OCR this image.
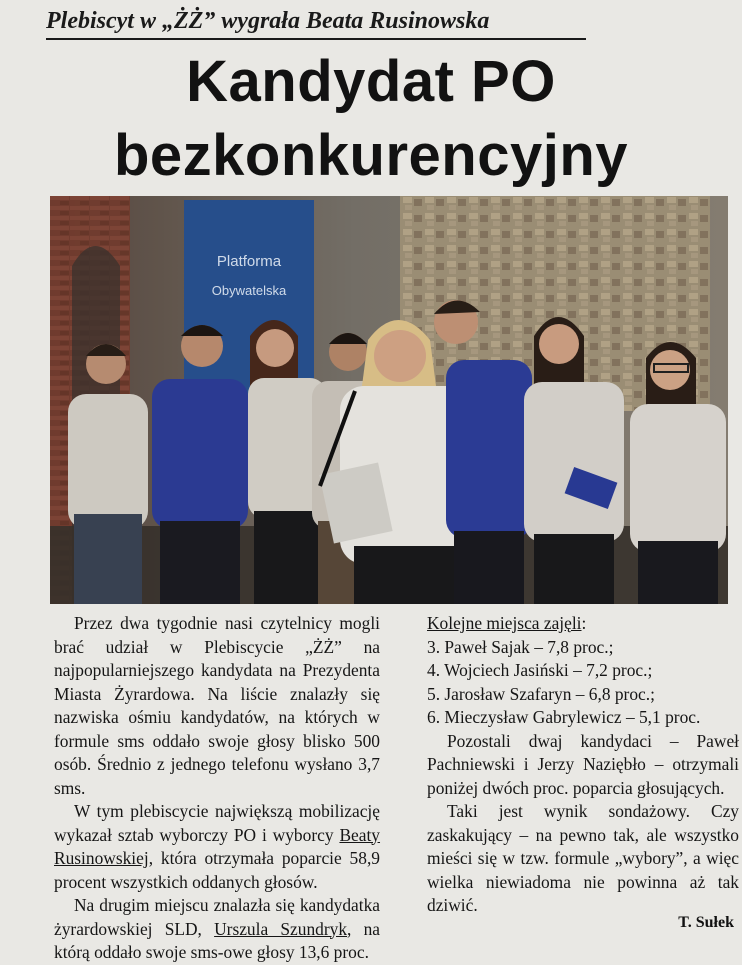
Plebiscyt w „ŻŻ” wygrała Beata Rusinowska
Kandydat PO
bezkonkurencyjny
Platforma
Obywatelska

Przez dwa tygodnie nasi czytelnicy mogli brać udział w Plebiscycie „ŻŻ” na najpopularniejszego kandydata na Prezydenta Miasta Żyrardowa. Na liście znalazły się nazwiska ośmiu kandydatów, na których w formule sms oddało swoje głosy blisko 500 osób. Średnio z jednego telefonu wysłano 3,7 sms.

W tym plebiscycie największą mobilizację wykazał sztab wyborczy PO i wyborcy Beaty Rusinowskiej, która otrzymała poparcie 58,9 procent wszystkich oddanych głosów.

Na drugim miejscu znalazła się kandydatka żyrardowskiej SLD, Urszula Szundryk, na którą oddało swoje sms-owe głosy 13,6 proc.

Kolejne miejsca zajęli:
3. Paweł Sajak – 7,8 proc.;
4. Wojciech Jasiński – 7,2 proc.;
5. Jarosław Szafaryn – 6,8 proc.;
6. Mieczysław Gabrylewicz – 5,1 proc.

Pozostali dwaj kandydaci – Paweł Pachniewski i Jerzy Naziębło – otrzymali poniżej dwóch proc. poparcia głosujących.

Taki jest wynik sondażowy. Czy zaskakujący – na pewno tak, ale wszystko mieści się w tzw. formule „wybory”, a więc wielka niewiadoma nie powinna aż tak dziwić.

T. Sułek
